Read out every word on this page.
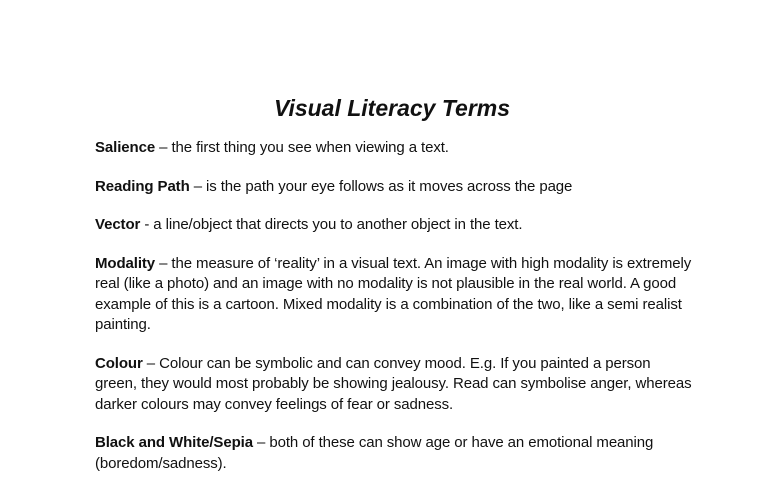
Visual Literacy Terms

Salience – the first thing you see when viewing a text.

Reading Path – is the path your eye follows as it moves across the page

Vector - a line/object that directs you to another object in the text.

Modality – the measure of ‘reality’ in a visual text. An image with high modality is extremely real (like a photo) and an image with no modality is not plausible in the real world. A good example of this is a cartoon. Mixed modality is a combination of the two, like a semi realist painting.

Colour – Colour can be symbolic and can convey mood. E.g. If you painted a person green, they would most probably be showing jealousy. Read can symbolise anger, whereas darker colours may convey feelings of fear or sadness.

Black and White/Sepia – both of these can show age or have an emotional meaning (boredom/sadness).
